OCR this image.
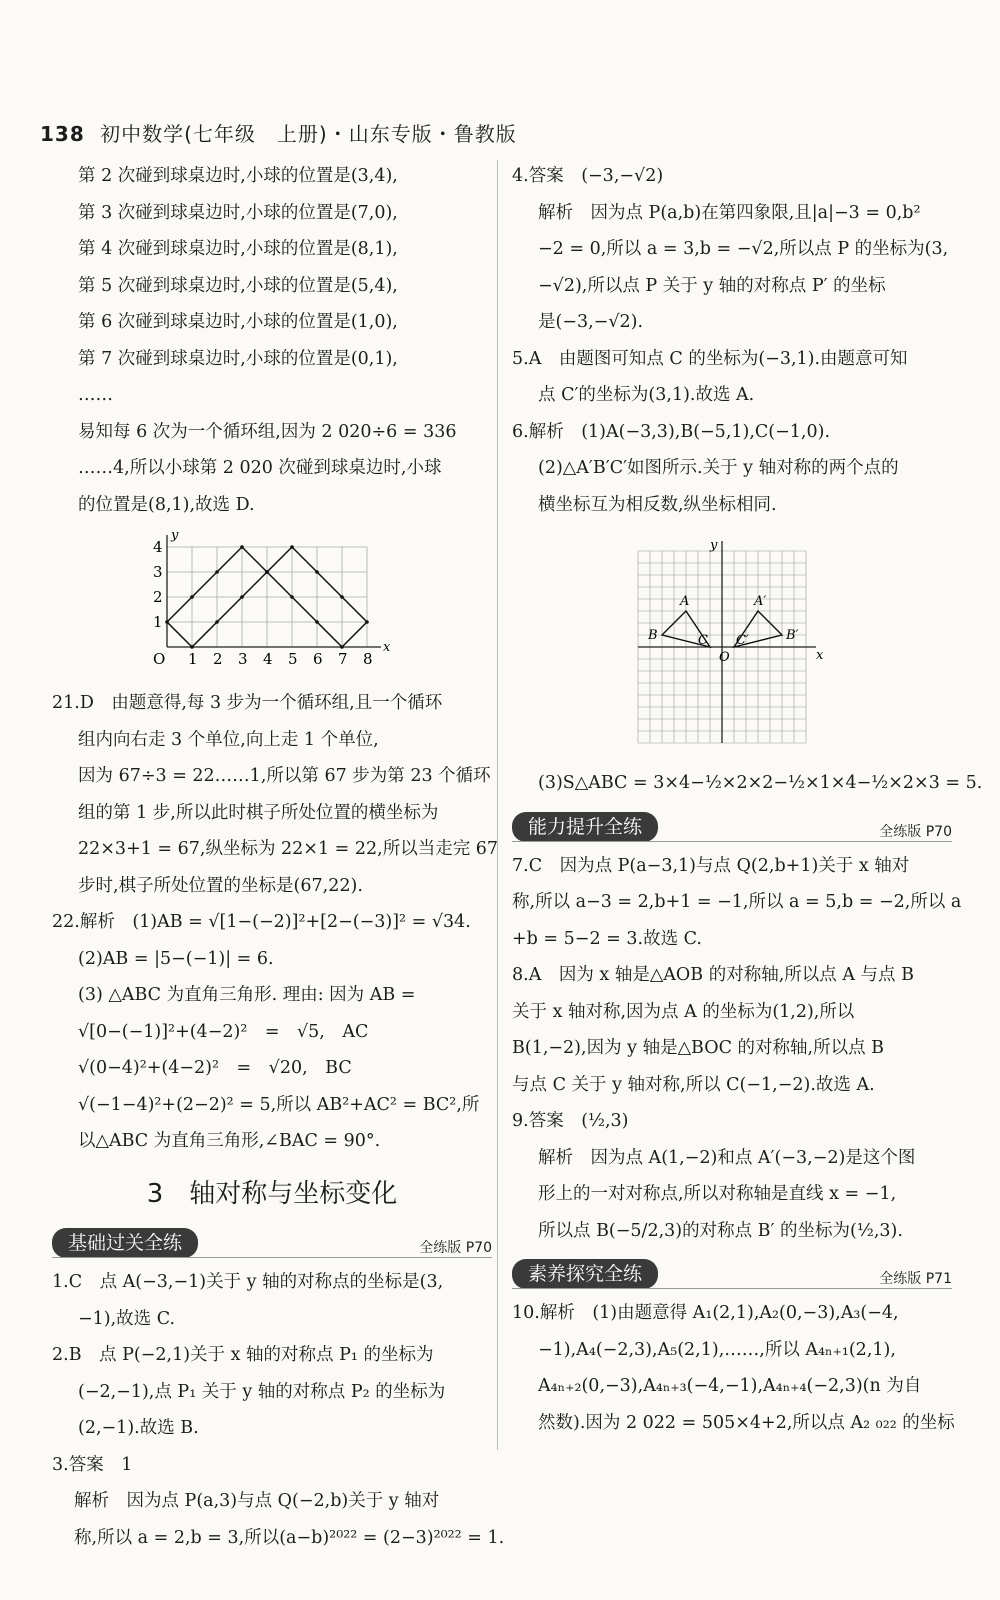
138 初中数学(七年级　上册)・山东专版・鲁教版
第 2 次碰到球桌边时,小球的位置是(3,4),
第 3 次碰到球桌边时,小球的位置是(7,0),
第 4 次碰到球桌边时,小球的位置是(8,1),
第 5 次碰到球桌边时,小球的位置是(5,4),
第 6 次碰到球桌边时,小球的位置是(1,0),
第 7 次碰到球桌边时,小球的位置是(0,1),
……
易知每 6 次为一个循环组,因为 2 020÷6 = 336
……4,所以小球第 2 020 次碰到球桌边时,小球
的位置是(8,1),故选 D.
x
y
O 1 2 3 4 5 6 7 8
1
2
3
4
21.D　由题意得,每 3 步为一个循环组,且一个循环
组内向右走 3 个单位,向上走 1 个单位,
因为 67÷3 = 22……1,所以第 67 步为第 23 个循环
组的第 1 步,所以此时棋子所处位置的横坐标为
22×3+1 = 67,纵坐标为 22×1 = 22,所以当走完 67
步时,棋子所处位置的坐标是(67,22).
22.解析　(1)AB = √[1−(−2)]²+[2−(−3)]² = √34.
(2)AB = |5−(−1)| = 6.
(3) △ABC 为直角三角形. 理由: 因为 AB =
√[0−(−1)]²+(4−2)²　=　√5,　AC
√(0−4)²+(4−2)²　=　√20,　BC
√(−1−4)²+(2−2)² = 5,所以 AB²+AC² = BC²,所
以△ABC 为直角三角形,∠BAC = 90°.
3　轴对称与坐标变化
基础过关全练	全练版 P70
1.C　点 A(−3,−1)关于 y 轴的对称点的坐标是(3,
−1),故选 C.
2.B　点 P(−2,1)关于 x 轴的对称点 P₁ 的坐标为
(−2,−1),点 P₁ 关于 y 轴的对称点 P₂ 的坐标为
(2,−1).故选 B.
3.答案　1
解析　因为点 P(a,3)与点 Q(−2,b)关于 y 轴对
称,所以 a = 2,b = 3,所以(a−b)²⁰²² = (2−3)²⁰²² = 1.
4.答案　(−3,−√2)
解析　因为点 P(a,b)在第四象限,且|a|−3 = 0,b²
−2 = 0,所以 a = 3,b = −√2,所以点 P 的坐标为(3,
−√2),所以点 P 关于 y 轴的对称点 P′ 的坐标
是(−3,−√2).
5.A　由题图可知点 C 的坐标为(−3,1).由题意可知
点 C′的坐标为(3,1).故选 A.
6.解析　(1)A(−3,3),B(−5,1),C(−1,0).
(2)△A′B′C′如图所示.关于 y 轴对称的两个点的
横坐标互为相反数,纵坐标相同.
x
y
O
A
B	C
A′
B′
C′
(3)S△ABC = 3×4−½×2×2−½×1×4−½×2×3 = 5.
能力提升全练	全练版 P70
7.C　因为点 P(a−3,1)与点 Q(2,b+1)关于 x 轴对
称,所以 a−3 = 2,b+1 = −1,所以 a = 5,b = −2,所以 a
+b = 5−2 = 3.故选 C.
8.A　因为 x 轴是△AOB 的对称轴,所以点 A 与点 B
关于 x 轴对称,因为点 A 的坐标为(1,2),所以
B(1,−2),因为 y 轴是△BOC 的对称轴,所以点 B
与点 C 关于 y 轴对称,所以 C(−1,−2).故选 A.
9.答案　(½,3)
解析　因为点 A(1,−2)和点 A′(−3,−2)是这个图
形上的一对对称点,所以对称轴是直线 x = −1,
所以点 B(−5/2,3)的对称点 B′ 的坐标为(½,3).
素养探究全练	全练版 P71
10.解析　(1)由题意得 A₁(2,1),A₂(0,−3),A₃(−4,
−1),A₄(−2,3),A₅(2,1),……,所以 A₄ₙ₊₁(2,1),
A₄ₙ₊₂(0,−3),A₄ₙ₊₃(−4,−1),A₄ₙ₊₄(−2,3)(n 为自
然数).因为 2 022 = 505×4+2,所以点 A₂ ₀₂₂ 的坐标
